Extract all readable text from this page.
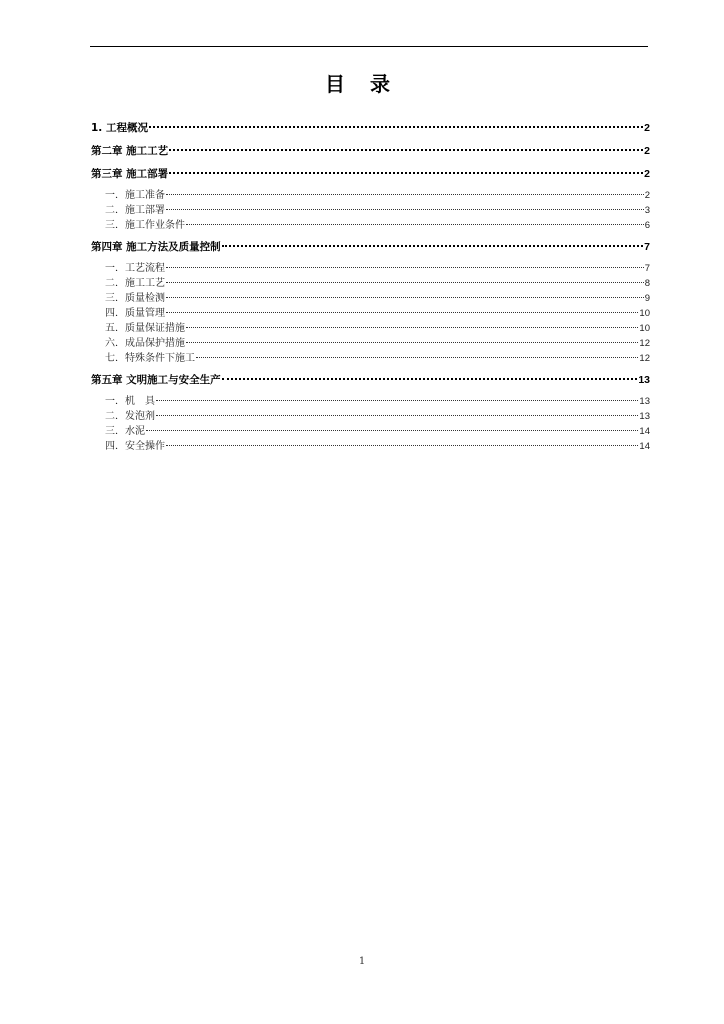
目 录
1. 工程概况	2
第二章 施工工艺	2
第三章 施工部署	2
一．施工准备	2
二．施工部署	3
三．施工作业条件	6
第四章 施工方法及质量控制	7
一．工艺流程	7
二．施工工艺	8
三．质量检测	9
四．质量管理	10
五．质量保证措施	10
六．成品保护措施	12
七．特殊条件下施工	12
第五章 文明施工与安全生产	13
一．机　具	13
二．发泡剂	13
三．水泥	14
四．安全操作	14
1
